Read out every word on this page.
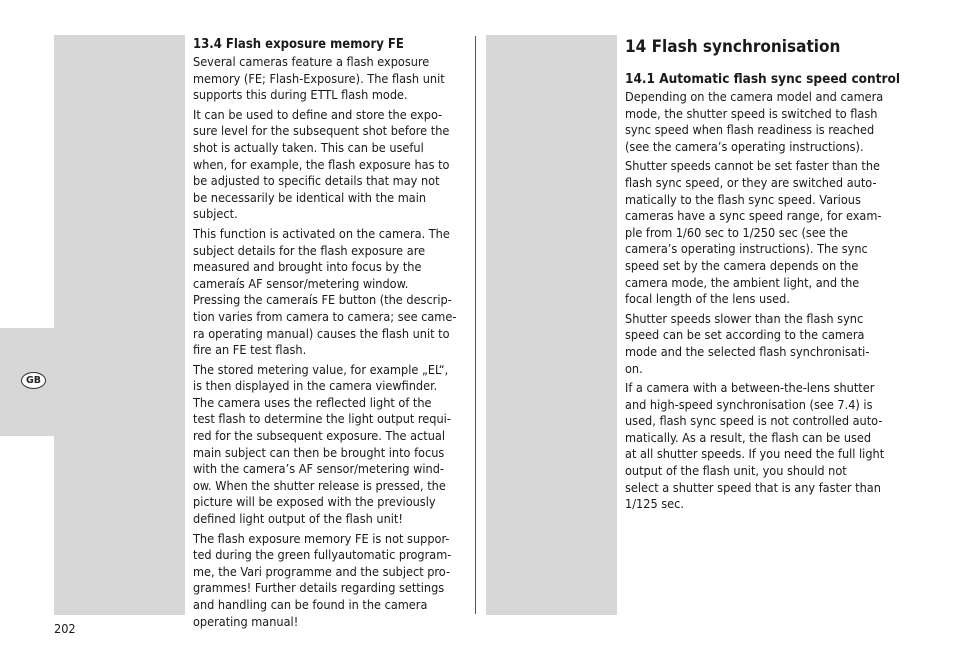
GB
13.4 Flash exposure memory FE

Several cameras feature a flash exposure
memory (FE; Flash-Exposure). The flash unit
supports this during ETTL flash mode.

It can be used to define and store the expo-
sure level for the subsequent shot before the
shot is actually taken. This can be useful
when, for example, the flash exposure has to
be adjusted to specific details that may not
be necessarily be identical with the main
subject.

This function is activated on the camera. The
subject details for the flash exposure are
measured and brought into focus by the
cameraís AF sensor/metering window.
Pressing the cameraís FE button (the descrip-
tion varies from camera to camera; see came-
ra operating manual) causes the flash unit to
fire an FE test flash.

The stored metering value, for example „EL“,
is then displayed in the camera viewfinder.
The camera uses the reflected light of the
test flash to determine the light output requi-
red for the subsequent exposure. The actual
main subject can then be brought into focus
with the camera’s AF sensor/metering wind-
ow. When the shutter release is pressed, the
picture will be exposed with the previously
defined light output of the flash unit!

The flash exposure memory FE is not suppor-
ted during the green fullyautomatic program-
me, the Vari programme and the subject pro-
grammes! Further details regarding settings
and handling can be found in the camera
operating manual!

14 Flash synchronisation
14.1 Automatic flash sync speed control

Depending on the camera model and camera
mode, the shutter speed is switched to flash
sync speed when flash readiness is reached
(see the camera’s operating instructions).

Shutter speeds cannot be set faster than the
flash sync speed, or they are switched auto-
matically to the flash sync speed. Various
cameras have a sync speed range, for exam-
ple from 1/60 sec to 1/250 sec (see the
camera’s operating instructions). The sync
speed set by the camera depends on the
camera mode, the ambient light, and the
focal length of the lens used.

Shutter speeds slower than the flash sync
speed can be set according to the camera
mode and the selected flash synchronisati-
on.

If a camera with a between-the-lens shutter
and high-speed synchronisation (see 7.4) is
used, flash sync speed is not controlled auto-
matically. As a result, the flash can be used
at all shutter speeds. If you need the full light
output of the flash unit, you should not
select a shutter speed that is any faster than
1/125 sec.

202
